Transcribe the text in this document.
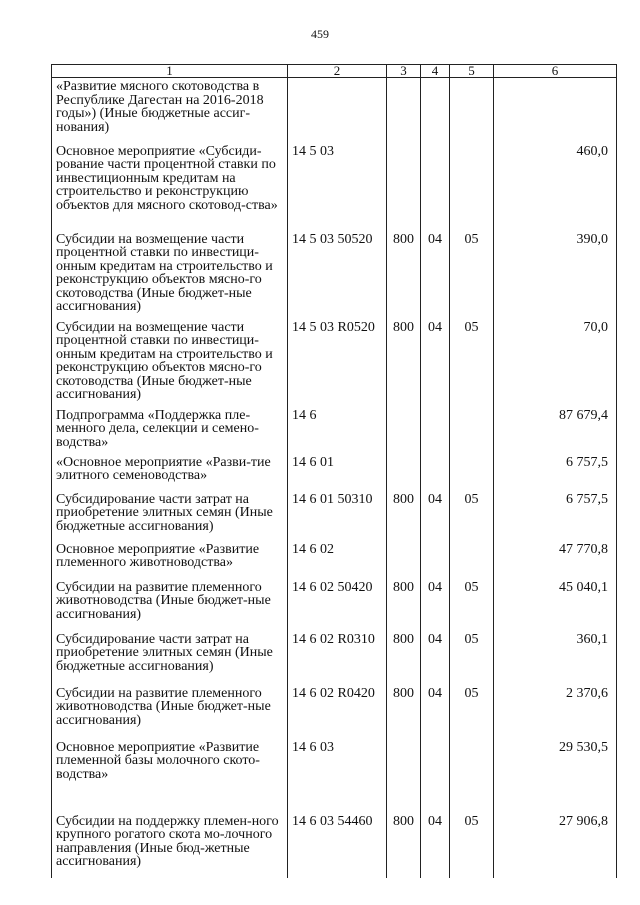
459
1	2	3	4	5	6
«Развитие мясного скотоводства в Республике Дагестан на 2016-2018 годы») (Иные бюджетные ассиг-нования)					
Основное мероприятие «Субсиди-рование части процентной ставки по инвестиционным кредитам на строительство и реконструкцию объектов для мясного скотовод-ства»	14 5 03				460,0
Субсидии на возмещение части процентной ставки по инвестици-онным кредитам на строительство и реконструкцию объектов мясно-го скотоводства (Иные бюджет-ные ассигнования)	14 5 03 50520	800	04	05	390,0
Субсидии на возмещение части процентной ставки по инвестици-онным кредитам на строительство и реконструкцию объектов мясно-го скотоводства (Иные бюджет-ные ассигнования)	14 5 03 R0520	800	04	05	70,0
Подпрограмма «Поддержка пле-менного дела, селекции и семено-водства»	14 6				87 679,4
«Основное мероприятие «Разви-тие элитного семеноводства»	14 6 01				6 757,5
Субсидирование части затрат на приобретение элитных семян (Иные бюджетные ассигнования)	14 6 01 50310	800	04	05	6 757,5
Основное мероприятие «Развитие племенного животноводства»	14 6 02				47 770,8
Субсидии на развитие племенного животноводства (Иные бюджет-ные ассигнования)	14 6 02 50420	800	04	05	45 040,1
Субсидирование части затрат на приобретение элитных семян (Иные бюджетные ассигнования)	14 6 02 R0310	800	04	05	360,1
Субсидии на развитие племенного животноводства (Иные бюджет-ные ассигнования)	14 6 02 R0420	800	04	05	2 370,6
Основное мероприятие «Развитие племенной базы молочного ското-водства»	14 6 03				29 530,5
Субсидии на поддержку племен-ного крупного рогатого скота мо-лочного направления (Иные бюд-жетные ассигнования)	14 6 03 54460	800	04	05	27 906,8
